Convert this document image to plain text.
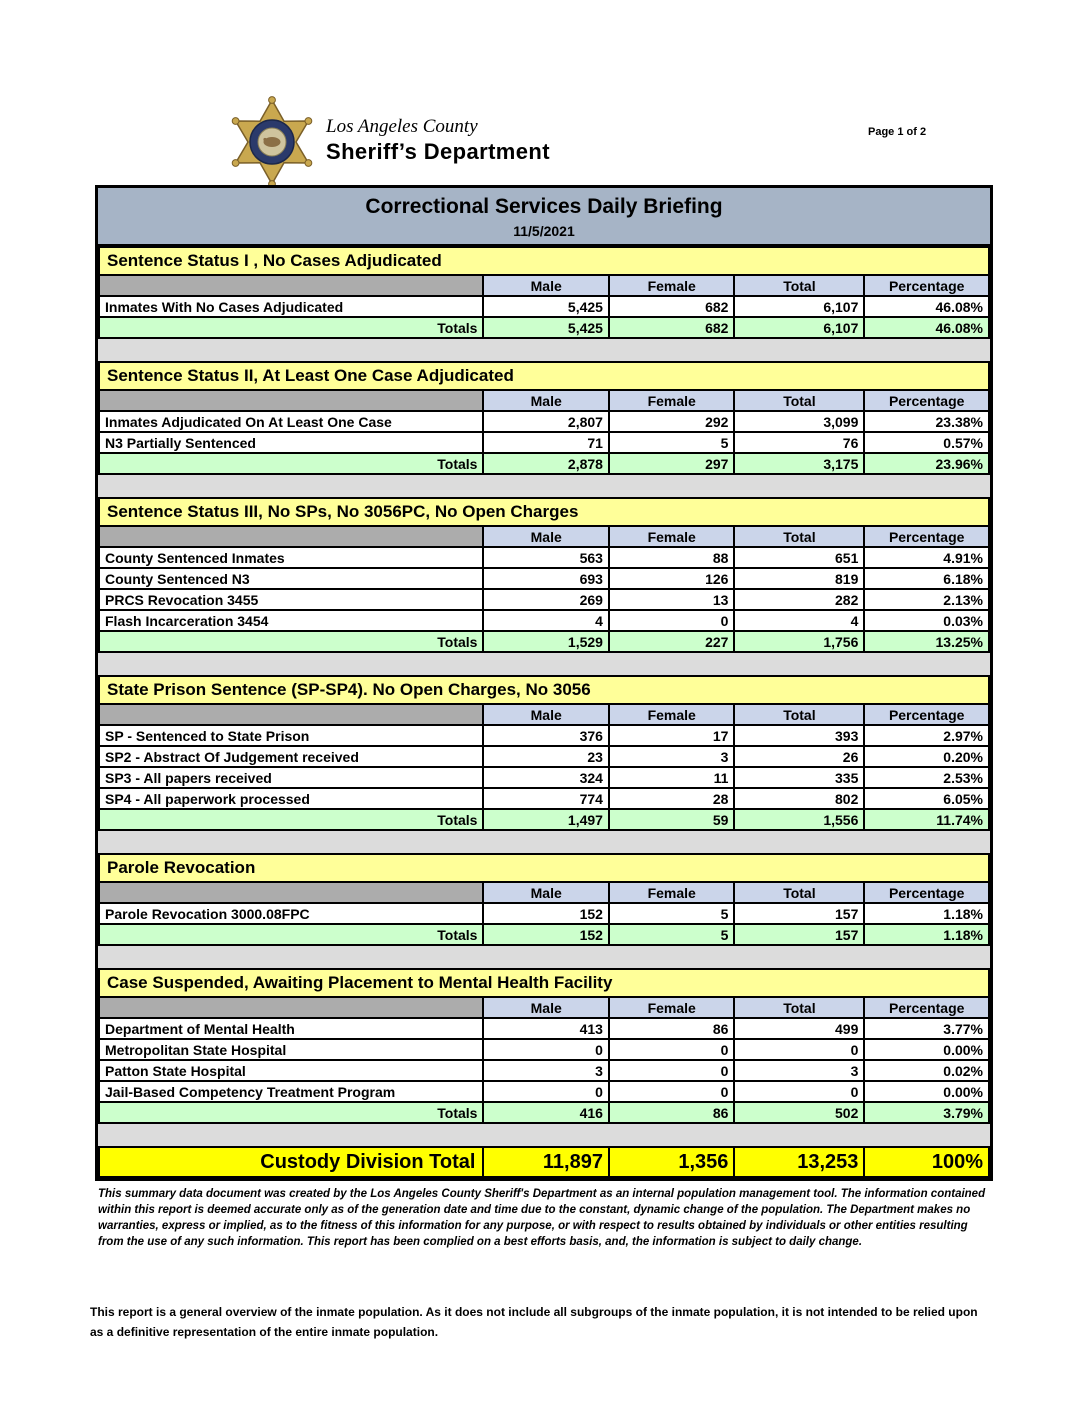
Los Angeles County
Sheriff’s Department
Page 1 of 2
Correctional Services Daily Briefing
11/5/2021
Sentence Status I , No Cases Adjudicated				
	Male	Female	Total	Percentage
Inmates With No Cases Adjudicated	5,425	682	6,107	46.08%
Totals	5,425	682	6,107	46.08%
Sentence Status II, At Least One Case Adjudicated				
	Male	Female	Total	Percentage
Inmates Adjudicated On At Least One Case	2,807	292	3,099	23.38%
N3 Partially Sentenced	71	5	76	0.57%
Totals	2,878	297	3,175	23.96%
Sentence Status III, No SPs, No 3056PC, No Open Charges				
	Male	Female	Total	Percentage
County Sentenced Inmates	563	88	651	4.91%
County Sentenced N3	693	126	819	6.18%
PRCS Revocation 3455	269	13	282	2.13%
Flash Incarceration 3454	4	0	4	0.03%
Totals	1,529	227	1,756	13.25%
State Prison Sentence (SP-SP4). No Open Charges, No 3056				
	Male	Female	Total	Percentage
SP - Sentenced to State Prison	376	17	393	2.97%
SP2 - Abstract Of Judgement received	23	3	26	0.20%
SP3 - All papers received	324	11	335	2.53%
SP4 - All paperwork processed	774	28	802	6.05%
Totals	1,497	59	1,556	11.74%
Parole Revocation				
	Male	Female	Total	Percentage
Parole Revocation 3000.08FPC	152	5	157	1.18%
Totals	152	5	157	1.18%
Case Suspended, Awaiting Placement to Mental Health Facility				
	Male	Female	Total	Percentage
Department of Mental Health	413	86	499	3.77%
Metropolitan State Hospital	0	0	0	0.00%
Patton State Hospital	3	0	3	0.02%
Jail-Based Competency Treatment Program	0	0	0	0.00%
Totals	416	86	502	3.79%
Custody Division Total	11,897	1,356	13,253	100%
This summary data document was created by the Los Angeles County Sheriff's Department as an internal population management tool. The information contained within this report is deemed accurate only as of the generation date and time due to the constant, dynamic change of the population. The Department makes no warranties, express or implied, as to the fitness of this information for any purpose, or with respect to results obtained by individuals or other entities resulting from the use of any such information. This report has been complied on a best efforts basis, and, the information is subject to daily change.
This report is a general overview of the inmate population. As it does not include all subgroups of the inmate population, it is not intended to be relied upon as a definitive representation of the entire inmate population.
